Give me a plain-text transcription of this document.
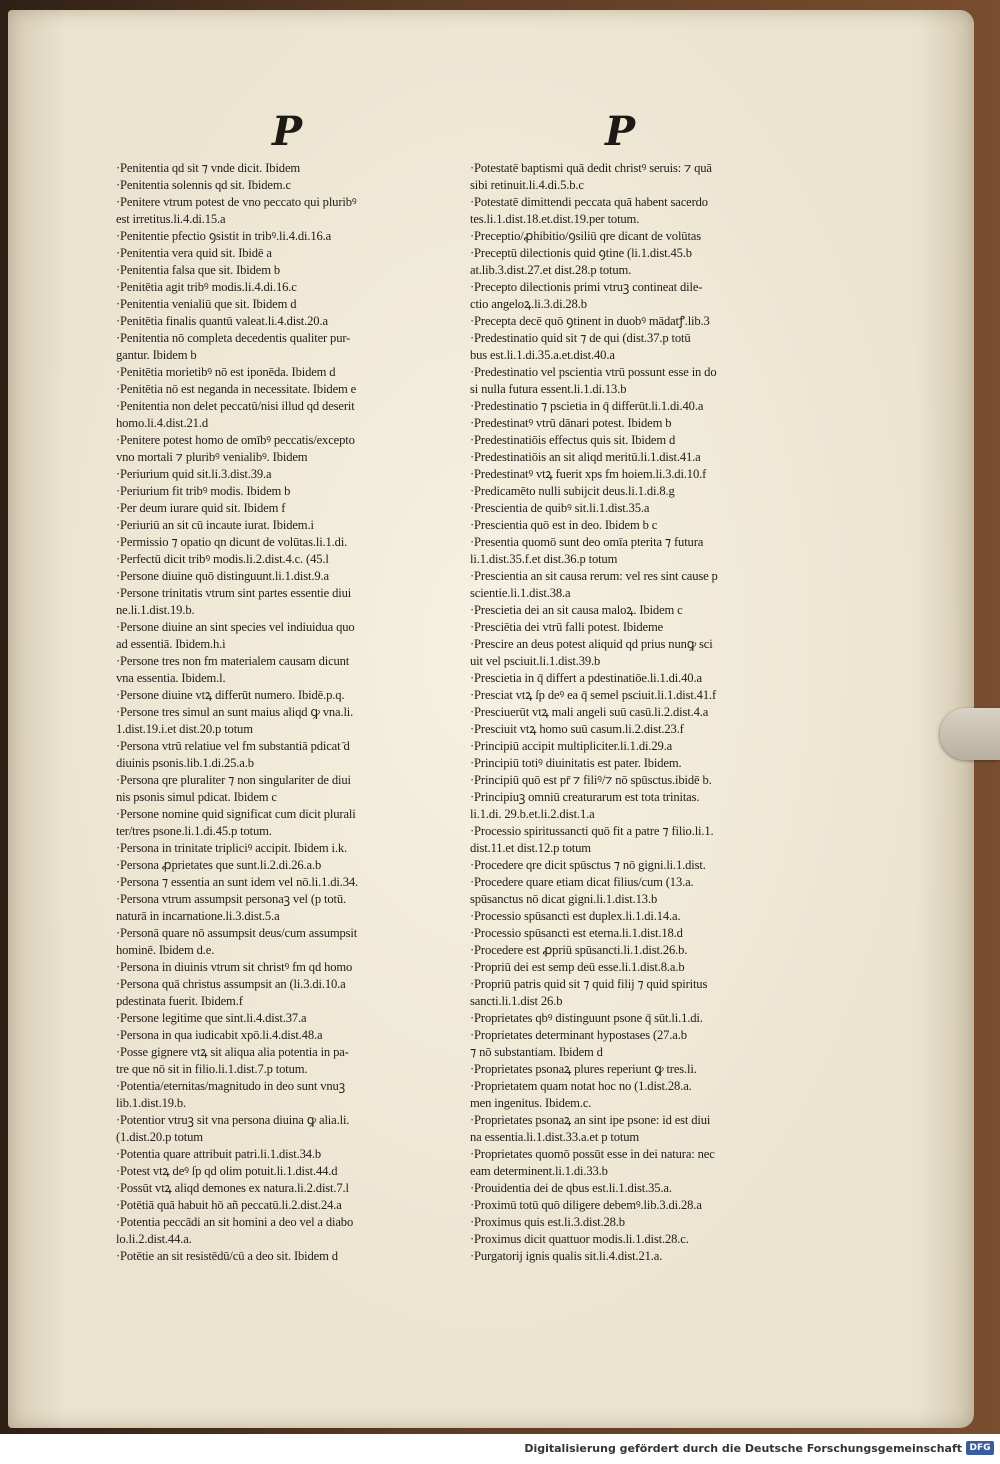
P	P
·Penitentia qd sit ⁊ vnde dicit. Ibidem
·Penitentia solennis qd sit. Ibidem.c
·Penitere vtrum potest de vno peccato qui pluribꝰ
est irretitus.li.4.di.15.a
·Penitentie pfectio ꝯsistit in tribꝰ.li.4.di.16.a
·Penitentia vera quid sit. Ibidē a
·Penitentia falsa que sit. Ibidem b
·Penitētia agit tribꝰ modis.li.4.di.16.c
·Penitentia venialiū que sit. Ibidem d
·Penitētia finalis quantū valeat.li.4.dist.20.a
·Penitentia nō completa decedentis qualiter pur-
gantur. Ibidem b
·Penitētia morietibꝰ nō est iponēda. Ibidem d
·Penitētia nō est neganda in necessitate. Ibidem e
·Penitentia non delet peccatū/nisi illud qd deserit
homo.li.4.dist.21.d
·Penitere potest homo de omībꝰ peccatis/excepto
vno mortali ⁊ pluribꝰ venialibꝰ. Ibidem
·Periurium quid sit.li.3.dist.39.a
·Periurium fit tribꝰ modis. Ibidem b
·Per deum iurare quid sit. Ibidem f
·Periuriū an sit cū incaute iurat. Ibidem.i
·Permissio ⁊ opatio qn dicunt de volūtas.li.1.di.
·Perfectū dicit tribꝰ modis.li.2.dist.4.c. (45.l
·Persone diuine quō distinguunt.li.1.dist.9.a
·Persone trinitatis vtrum sint partes essentie diui
ne.li.1.dist.19.b.
·Persone diuine an sint species vel indiuidua quo
ad essentiā. Ibidem.h.i
·Persone tres non fm materialem causam dicunt
vna essentia. Ibidem.l.
·Persone diuine vtꝝ differūt numero. Ibidē.p.q.
·Persone tres simul an sunt maius aliqd ꝙ vna.li.
1.dist.19.i.et dist.20.p totum
·Persona vtrū relatiue vel fm substantiā pdicat ̄d
diuinis psonis.lib.1.di.25.a.b
·Persona qre pluraliter ⁊ non singulariter de diui
nis psonis simul pdicat. Ibidem c
·Persone nomine quid significat cum dicit plurali
ter/tres psone.li.1.di.45.p totum.
·Persona in trinitate tripliciꝰ accipit. Ibidem i.k.
·Persona ꝓprietates que sunt.li.2.di.26.a.b
·Persona ⁊ essentia an sunt idem vel nō.li.1.di.34.
·Persona vtrum assumpsit personaꝫ vel (p totū.
naturā in incarnatione.li.3.dist.5.a
·Personā quare nō assumpsit deus/cum assumpsit
hominē. Ibidem d.e.
·Persona in diuinis vtrum sit christꝰ fm qd homo
·Persona quā christus assumpsit an (li.3.di.10.a
pdestinata fuerit. Ibidem.f
·Persone legitime que sint.li.4.dist.37.a
·Persona in qua iudicabit xpō.li.4.dist.48.a
·Posse gignere vtꝝ sit aliqua alia potentia in pa-
tre que nō sit in filio.li.1.dist.7.p totum.
·Potentia/eternitas/magnitudo in deo sunt vnuꝫ
lib.1.dist.19.b.
·Potentior vtruꝫ sit vna persona diuina ꝙ alia.li.
(1.dist.20.p totum
·Potentia quare attribuit patri.li.1.dist.34.b
·Potest vtꝝ deꝰ ſp qd olim potuit.li.1.dist.44.d
·Possūt vtꝝ aliqd demones ex natura.li.2.dist.7.l
·Potētiā quā habuit hō añ peccatū.li.2.dist.24.a
·Potentia peccādi an sit homini a deo vel a diabo
lo.li.2.dist.44.a.
·Potētie an sit resistēdū/cū a deo sit. Ibidem d
·Potestatē baptismi quā dedit christꝰ seruis: ⁊ quā
sibi retinuit.li.4.di.5.b.c
·Potestatē dimittendi peccata quā habent sacerdo
tes.li.1.dist.18.et.dist.19.per totum.
·Preceptio/ꝓhibitio/ꝯsiliū qre dicant de volūtas
·Preceptū dilectionis quid ꝯtine (li.1.dist.45.b
at.lib.3.dist.27.et dist.28.p totum.
·Precepto dilectionis primi vtruꝫ contineat dile-
ctio angeloꝝ.li.3.di.28.b
·Precepta decē quō ꝯtinent in duobꝰ mādatꝭ.lib.3
·Predestinatio quid sit ⁊ de qui (dist.37.p totū
bus est.li.1.di.35.a.et.dist.40.a
·Predestinatio vel pscientia vtrū possunt esse in do
si nulla futura essent.li.1.di.13.b
·Predestinatio ⁊ pscietia in q̄ differūt.li.1.di.40.a
·Predestinatꝰ vtrū dānari potest. Ibidem b
·Predestinatiōis effectus quis sit. Ibidem d
·Predestinatiōis an sit aliqd meritū.li.1.dist.41.a
·Predestinatꝰ vtꝝ fuerit xps fm hoiem.li.3.di.10.f
·Predicamēto nulli subijcit deus.li.1.di.8.g
·Prescientia de quibꝰ sit.li.1.dist.35.a
·Prescientia quō est in deo. Ibidem b c
·Presentia quomō sunt deo omīa pterita ⁊ futura
li.1.dist.35.f.et dist.36.p totum
·Prescientia an sit causa rerum: vel res sint cause p
scientie.li.1.dist.38.a
·Prescietia dei an sit causa maloꝝ. Ibidem c
·Presciētia dei vtrū falli potest. Ibideme
·Prescire an deus potest aliquid qd prius nunꝙ sci
uit vel psciuit.li.1.dist.39.b
·Prescietia in q̄ differt a pdestinatiōe.li.1.di.40.a
·Presciat vtꝝ ſp deꝰ ea q̄ semel psciuit.li.1.dist.41.f
·Presciuerūt vtꝝ mali angeli suū casū.li.2.dist.4.a
·Presciuit vtꝝ homo suū casum.li.2.dist.23.f
·Principiū accipit multipliciter.li.1.di.29.a
·Principiū totiꝰ diuinitatis est pater. Ibidem.
·Principiū quō est pr̄ ⁊ filiꝰ/⁊ nō spūsctus.ibidē b.
·Principiuꝫ omniū creaturarum est tota trinitas.
li.1.di. 29.b.et.li.2.dist.1.a
·Processio spiritussancti quō fit a patre ⁊ filio.li.1.
dist.11.et dist.12.p totum
·Procedere qre dicit spūsctus ⁊ nō gigni.li.1.dist.
·Procedere quare etiam dicat filius/cum (13.a.
spūsanctus nō dicat gigni.li.1.dist.13.b
·Processio spūsancti est duplex.li.1.di.14.a.
·Processio spūsancti est eterna.li.1.dist.18.d
·Procedere est ꝓpriū spūsancti.li.1.dist.26.b.
·Propriū dei est semp deū esse.li.1.dist.8.a.b
·Propriū patris quid sit ⁊ quid filij ⁊ quid spiritus
sancti.li.1.dist 26.b
·Proprietates qbꝰ distinguunt psone q̄ sūt.li.1.di.
·Proprietates determinant hypostases (27.a.b
⁊ nō substantiam. Ibidem d
·Proprietates psonaꝝ plures reperiunt ꝙ tres.li.
·Proprietatem quam notat hoc no (1.dist.28.a.
men ingenitus. Ibidem.c.
·Proprietates psonaꝝ an sint ipe psone: id est diui
na essentia.li.1.dist.33.a.et p totum
·Proprietates quomō possūt esse in dei natura: nec
eam determinent.li.1.di.33.b
·Prouidentia dei de qbus est.li.1.dist.35.a.
·Proximū totū quō diligere debemꝰ.lib.3.di.28.a
·Proximus quis est.li.3.dist.28.b
·Proximus dicit quattuor modis.li.1.dist.28.c.
·Purgatorij ignis qualis sit.li.4.dist.21.a.
Digitalisierung gefördert durch die Deutsche Forschungsgemeinschaft DFG
